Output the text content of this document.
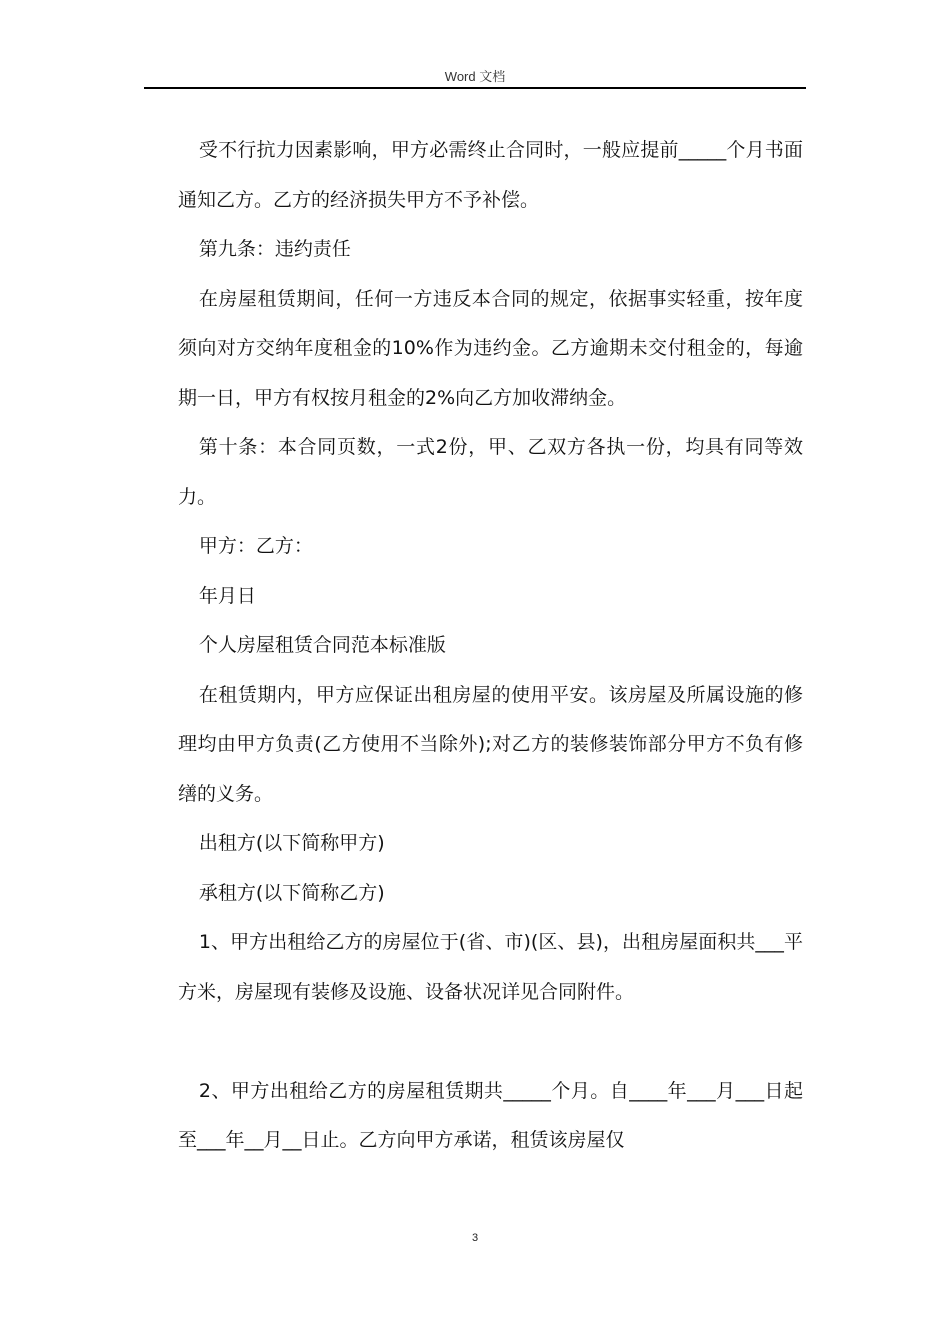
Word 文档

受不行抗力因素影响，甲方必需终止合同时，一般应提前_____个月书面通知乙方。乙方的经济损失甲方不予补偿。

第九条：违约责任

在房屋租赁期间，任何一方违反本合同的规定，依据事实轻重，按年度须向对方交纳年度租金的10%作为违约金。乙方逾期未交付租金的，每逾期一日，甲方有权按月租金的2%向乙方加收滞纳金。

第十条：本合同页数，一式2份，甲、乙双方各执一份，均具有同等效力。

甲方：乙方：

年月日

个人房屋租赁合同范本标准版

在租赁期内，甲方应保证出租房屋的使用平安。该房屋及所属设施的修理均由甲方负责(乙方使用不当除外);对乙方的装修装饰部分甲方不负有修缮的义务。

出租方(以下简称甲方)

承租方(以下简称乙方)

1、甲方出租给乙方的房屋位于(省、市)(区、县)，出租房屋面积共___平方米，房屋现有装修及设施、设备状况详见合同附件。

2、甲方出租给乙方的房屋租赁期共_____个月。自____年___月___日起至___年__月__日止。乙方向甲方承诺，租赁该房屋仅

3
